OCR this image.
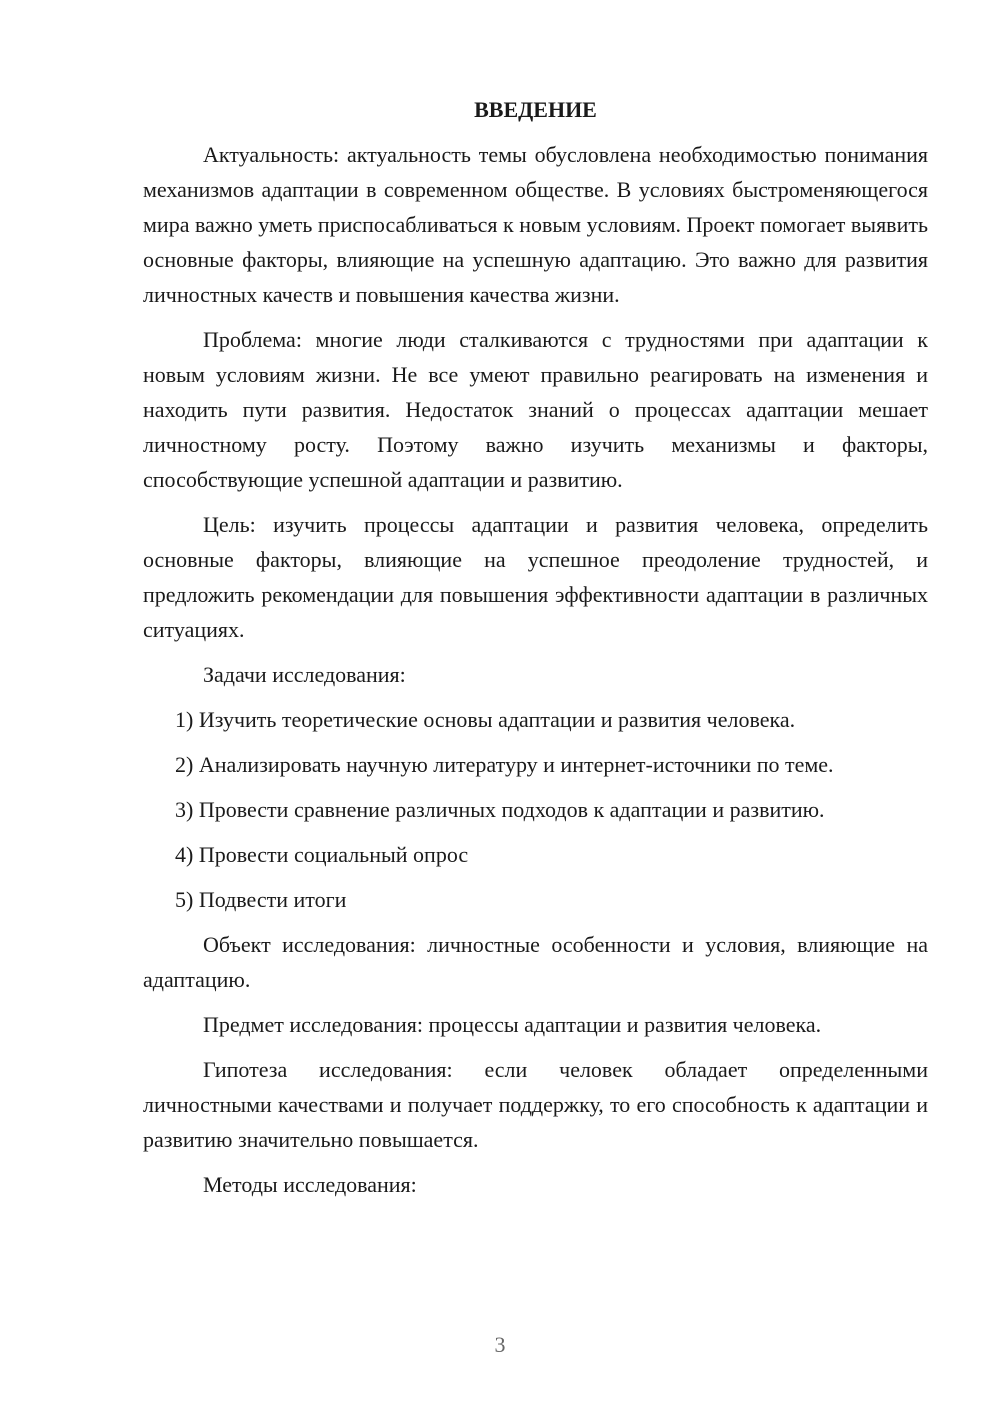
ВВЕДЕНИЕ

Актуальность: актуальность темы обусловлена необходимостью понимания механизмов адаптации в современном обществе. В условиях быстроменяющегося мира важно уметь приспосабливаться к новым условиям. Проект помогает выявить основные факторы, влияющие на успешную адаптацию. Это важно для развития личностных качеств и повышения качества жизни.

Проблема: многие люди сталкиваются с трудностями при адаптации к новым условиям жизни. Не все умеют правильно реагировать на изменения и находить пути развития. Недостаток знаний о процессах адаптации мешает личностному росту. Поэтому важно изучить механизмы и факторы, способствующие успешной адаптации и развитию.

Цель: изучить процессы адаптации и развития человека, определить основные факторы, влияющие на успешное преодоление трудностей, и предложить рекомендации для повышения эффективности адаптации в различных ситуациях.

Задачи исследования:

1) Изучить теоретические основы адаптации и развития человека.

2) Анализировать научную литературу и интернет-источники по теме.

3) Провести сравнение различных подходов к адаптации и развитию.

4) Провести социальный опрос

5) Подвести итоги

Объект исследования: личностные особенности и условия, влияющие на адаптацию.

Предмет исследования: процессы адаптации и развития человека.

Гипотеза исследования: если человек обладает определенными личностными качествами и получает поддержку, то его способность к адаптации и развитию значительно повышается.

Методы исследования:

3
